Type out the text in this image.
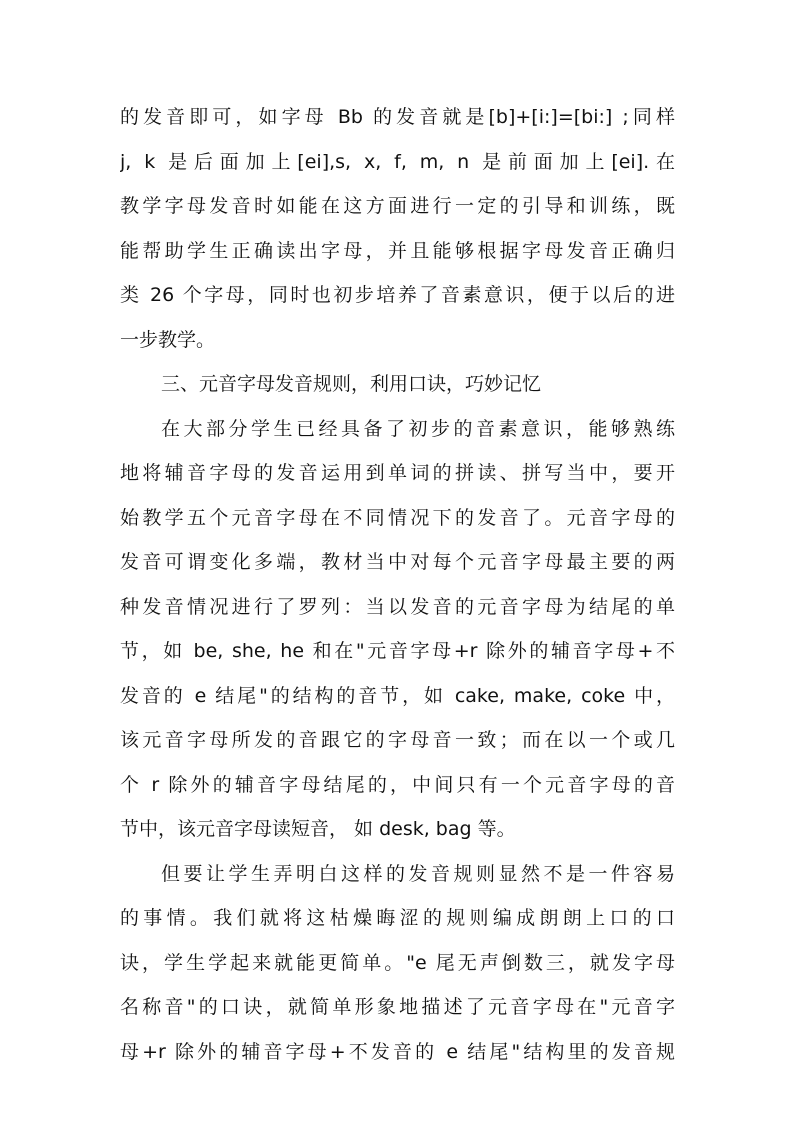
的发音即可，如字母 Bb 的发音就是[b]+[i:]=[bi:] ;同样
j, k 是后面加上[ei],s, x, f, m, n 是前面加上[ei].在
教学字母发音时如能在这方面进行一定的引导和训练，既
能帮助学生正确读出字母，并且能够根据字母发音正确归
类 26 个字母，同时也初步培养了音素意识，便于以后的进
一步教学。
三、元音字母发音规则，利用口诀，巧妙记忆
在大部分学生已经具备了初步的音素意识，能够熟练
地将辅音字母的发音运用到单词的拼读、拼写当中，要开
始教学五个元音字母在不同情况下的发音了。元音字母的
发音可谓变化多端，教材当中对每个元音字母最主要的两
种发音情况进行了罗列：当以发音的元音字母为结尾的单
节，如 be, she, he 和在"元音字母+r 除外的辅音字母+不
发音的 e 结尾"的结构的音节，如 cake, make, coke 中，
该元音字母所发的音跟它的字母音一致；而在以一个或几
个 r 除外的辅音字母结尾的，中间只有一个元音字母的音
节中，该元音字母读短音， 如 desk, bag 等。
但要让学生弄明白这样的发音规则显然不是一件容易
的事情。我们就将这枯燥晦涩的规则编成朗朗上口的口
诀，学生学起来就能更简单。"e 尾无声倒数三，就发字母
名称音"的口诀，就简单形象地描述了元音字母在"元音字
母+r 除外的辅音字母+不发音的 e 结尾"结构里的发音规
